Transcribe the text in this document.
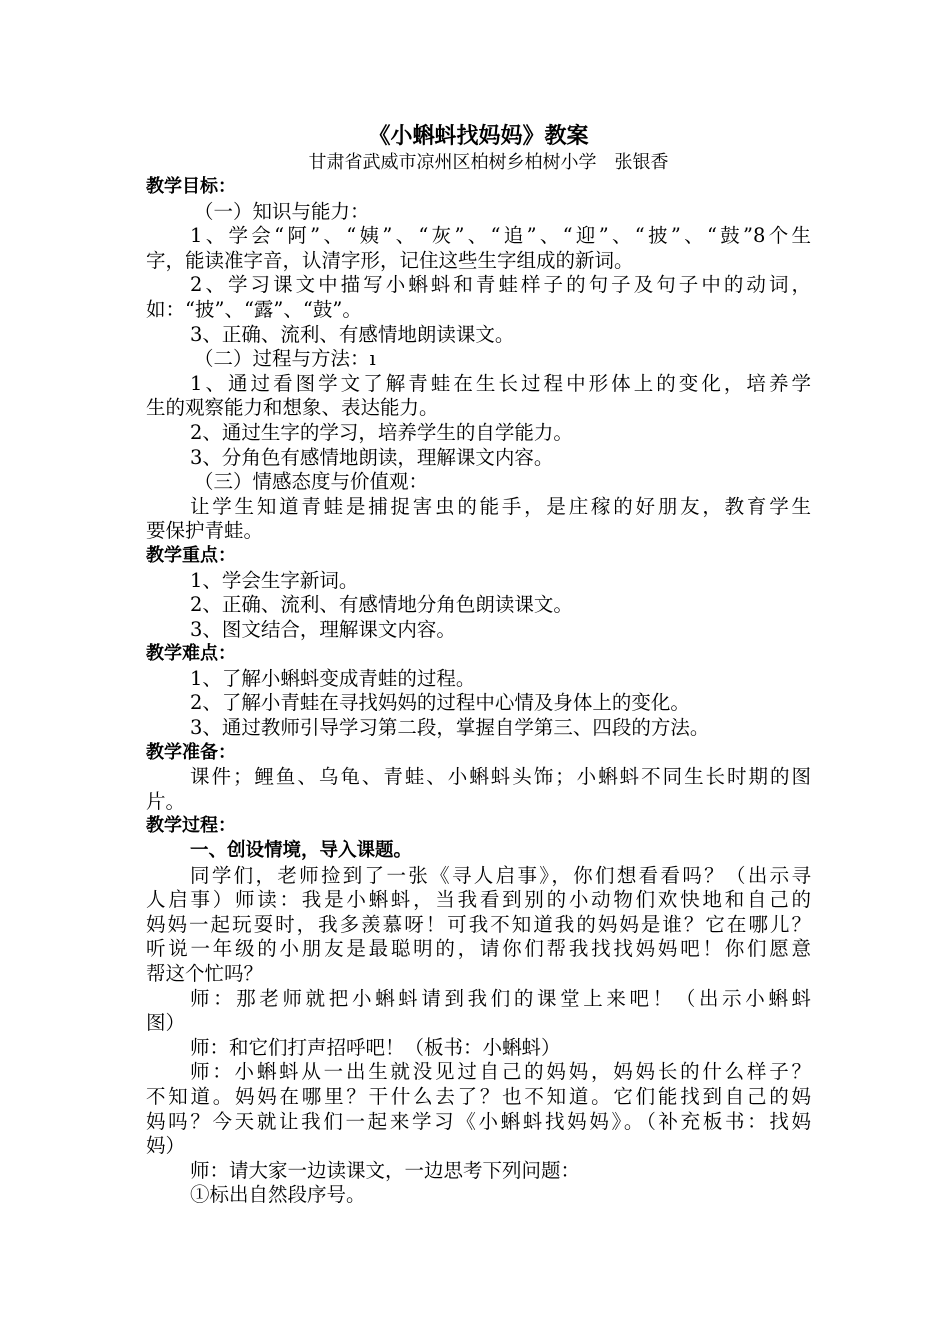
《小蝌蚪找妈妈》教案
甘肃省武威市凉州区柏树乡柏树小学　张银香
教学目标：
（一）知识与能力：
1、学会“阿”、“姨”、“灰”、“追”、“迎”、“披”、“鼓”8个生
字，能读准字音，认清字形，记住这些生字组成的新词。
2、学习课文中描写小蝌蚪和青蛙样子的句子及句子中的动词，
如：“披”、“露”、“鼓”。
3、正确、流利、有感情地朗读课文。
（二）过程与方法：ı
1、通过看图学文了解青蛙在生长过程中形体上的变化，培养学
生的观察能力和想象、表达能力。
2、通过生字的学习，培养学生的自学能力。
3、分角色有感情地朗读，理解课文内容。
（三）情感态度与价值观：
让学生知道青蛙是捕捉害虫的能手，是庄稼的好朋友，教育学生
要保护青蛙。
教学重点：
1、学会生字新词。
2、正确、流利、有感情地分角色朗读课文。
3、图文结合，理解课文内容。
教学难点：
1、了解小蝌蚪变成青蛙的过程。
2、了解小青蛙在寻找妈妈的过程中心情及身体上的变化。
3、通过教师引导学习第二段，掌握自学第三、四段的方法。
教学准备：
课件；鲤鱼、乌龟、青蛙、小蝌蚪头饰；小蝌蚪不同生长时期的图
片。
教学过程：
一、创设情境，导入课题。
同学们，老师捡到了一张《寻人启事》，你们想看看吗？（出示寻
人启事）师读：我是小蝌蚪，当我看到别的小动物们欢快地和自己的
妈妈一起玩耍时，我多羡慕呀！可我不知道我的妈妈是谁？它在哪儿？
听说一年级的小朋友是最聪明的，请你们帮我找找妈妈吧！你们愿意
帮这个忙吗？
师：那老师就把小蝌蚪请到我们的课堂上来吧！（出示小蝌蚪
图）
师：和它们打声招呼吧！（板书：小蝌蚪）
师：小蝌蚪从一出生就没见过自己的妈妈，妈妈长的什么样子？
不知道。妈妈在哪里？干什么去了？也不知道。它们能找到自己的妈
妈吗？今天就让我们一起来学习《小蝌蚪找妈妈》。（补充板书：找妈
妈）
师：请大家一边读课文，一边思考下列问题：
①标出自然段序号。
